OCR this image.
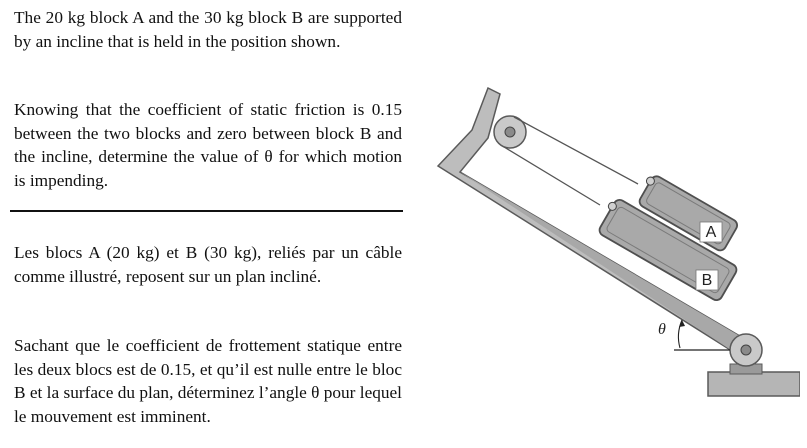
The 20 kg block A and the 30 kg block B are supported by an incline that is held in the position shown.

Knowing that the coefficient of static friction is 0.15 between the two blocks and zero between block B and the incline, determine the value of θ for which motion is impending.

Les blocs A (20 kg) et B (30 kg), reliés par un câble comme illustré, reposent sur un plan incliné.

Sachant que le coefficient de frottement statique entre les deux blocs est de 0.15, et qu’il est nulle entre le bloc B et la surface du plan, déterminez l’angle θ pour lequel le mouvement est imminent.

A
B
θ
